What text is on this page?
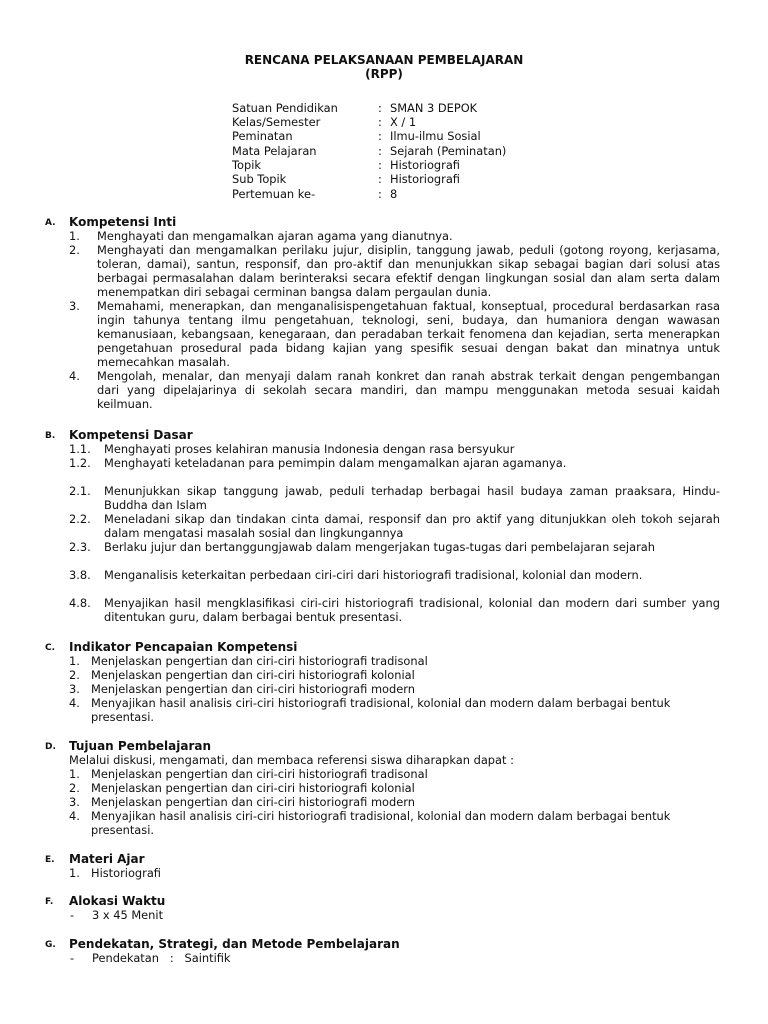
RENCANA PELAKSANAAN PEMBELAJARAN
(RPP)
Satuan Pendidikan	: SMAN 3 DEPOK
Kelas/Semester	: X / 1
Peminatan	: Ilmu-ilmu Sosial
Mata Pelajaran	: Sejarah (Peminatan)
Topik	: Historiografi
Sub Topik	: Historiografi
Pertemuan ke-	: 8
A. Kompetensi Inti
1. Menghayati dan mengamalkan ajaran agama yang dianutnya.
2. Menghayati dan mengamalkan perilaku jujur, disiplin, tanggung jawab, peduli (gotong royong, kerjasama, toleran, damai), santun, responsif, dan pro-aktif dan menunjukkan sikap sebagai bagian dari solusi atas berbagai permasalahan dalam berinteraksi secara efektif dengan lingkungan sosial dan alam serta dalam menempatkan diri sebagai cerminan bangsa dalam pergaulan dunia.
3. Memahami, menerapkan, dan menganalisispengetahuan faktual, konseptual, procedural berdasarkan rasa ingin tahunya tentang ilmu pengetahuan, teknologi, seni, budaya, dan humaniora dengan wawasan kemanusiaan, kebangsaan, kenegaraan, dan peradaban terkait fenomena dan kejadian, serta menerapkan pengetahuan prosedural pada bidang kajian yang spesifik sesuai dengan bakat dan minatnya untuk memecahkan masalah.
4. Mengolah, menalar, dan menyaji dalam ranah konkret dan ranah abstrak terkait dengan pengembangan dari yang dipelajarinya di sekolah secara mandiri, dan mampu menggunakan metoda sesuai kaidah keilmuan.
B. Kompetensi Dasar
1.1. Menghayati proses kelahiran manusia Indonesia dengan rasa bersyukur
1.2. Menghayati keteladanan para pemimpin dalam mengamalkan ajaran agamanya.
2.1. Menunjukkan sikap tanggung jawab, peduli terhadap berbagai hasil budaya zaman praaksara, Hindu-Buddha dan Islam
2.2. Meneladani sikap dan tindakan cinta damai, responsif dan pro aktif yang ditunjukkan oleh tokoh sejarah dalam mengatasi masalah sosial dan lingkungannya
2.3. Berlaku jujur dan bertanggungjawab dalam mengerjakan tugas-tugas dari pembelajaran sejarah
3.8. Menganalisis keterkaitan perbedaan ciri-ciri dari historiografi tradisional, kolonial dan modern.
4.8. Menyajikan hasil mengklasifikasi ciri-ciri historiografi tradisional, kolonial dan modern dari sumber yang ditentukan guru, dalam berbagai bentuk presentasi.
C. Indikator Pencapaian Kompetensi
1. Menjelaskan pengertian dan ciri-ciri historiografi tradisonal
2. Menjelaskan pengertian dan ciri-ciri historiografi kolonial
3. Menjelaskan pengertian dan ciri-ciri historiografi modern
4. Menyajikan hasil analisis ciri-ciri historiografi tradisional, kolonial dan modern dalam berbagai bentuk presentasi.
D. Tujuan Pembelajaran
Melalui diskusi, mengamati, dan membaca referensi siswa diharapkan dapat :
1. Menjelaskan pengertian dan ciri-ciri historiografi tradisonal
2. Menjelaskan pengertian dan ciri-ciri historiografi kolonial
3. Menjelaskan pengertian dan ciri-ciri historiografi modern
4. Menyajikan hasil analisis ciri-ciri historiografi tradisional, kolonial dan modern dalam berbagai bentuk presentasi.
E. Materi Ajar
1. Historiografi
F. Alokasi Waktu
- 3 x 45 Menit
G. Pendekatan, Strategi, dan Metode Pembelajaran
- Pendekatan   :   Saintifik
